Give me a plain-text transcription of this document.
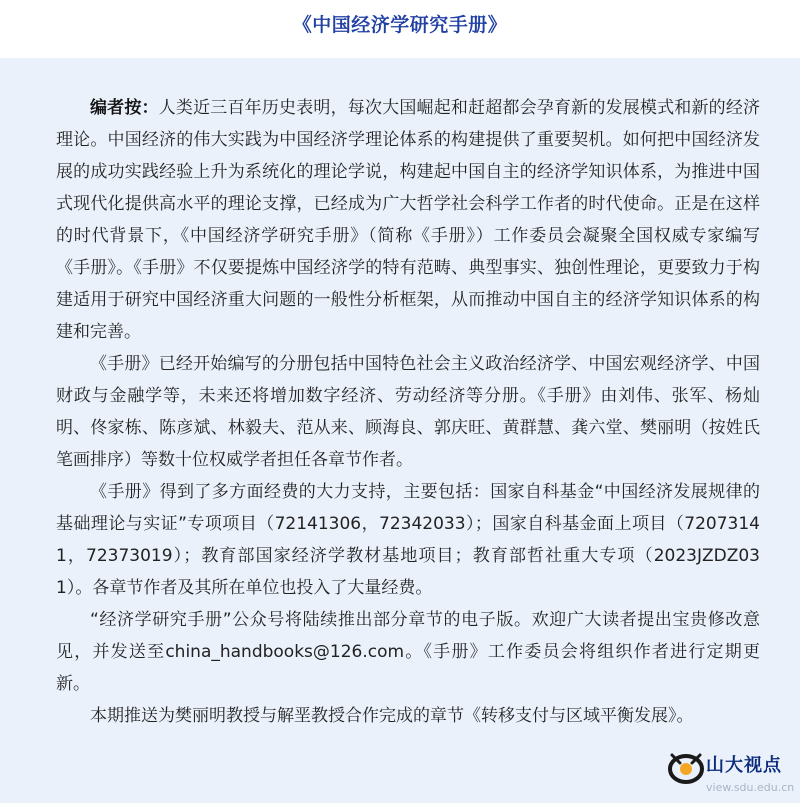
《中国经济学研究手册》

编者按：人类近三百年历史表明，每次大国崛起和赶超都会孕育新的发展模式和新的经济理论。中国经济的伟大实践为中国经济学理论体系的构建提供了重要契机。如何把中国经济发展的成功实践经验上升为系统化的理论学说，构建起中国自主的经济学知识体系，为推进中国式现代化提供高水平的理论支撑，已经成为广大哲学社会科学工作者的时代使命。正是在这样的时代背景下，《中国经济学研究手册》（简称《手册》）工作委员会凝聚全国权威专家编写《手册》。《手册》不仅要提炼中国经济学的特有范畴、典型事实、独创性理论，更要致力于构建适用于研究中国经济重大问题的一般性分析框架，从而推动中国自主的经济学知识体系的构建和完善。

《手册》已经开始编写的分册包括中国特色社会主义政治经济学、中国宏观经济学、中国财政与金融学等，未来还将增加数字经济、劳动经济等分册。《手册》由刘伟、张军、杨灿明、佟家栋、陈彦斌、林毅夫、范从来、顾海良、郭庆旺、黄群慧、龚六堂、樊丽明（按姓氏笔画排序）等数十位权威学者担任各章节作者。

《手册》得到了多方面经费的大力支持，主要包括：国家自科基金“中国经济发展规律的基础理论与实证”专项项目（72141306，72342033）；国家自科基金面上项目（72073141，72373019）；教育部国家经济学教材基地项目；教育部哲社重大专项（2023JZDZ031）。各章节作者及其所在单位也投入了大量经费。

“经济学研究手册”公众号将陆续推出部分章节的电子版。欢迎广大读者提出宝贵修改意见，并发送至china_handbooks@126.com。《手册》工作委员会将组织作者进行定期更新。

本期推送为樊丽明教授与解垩教授合作完成的章节《转移支付与区域平衡发展》。

山大视点
view.sdu.edu.cn
